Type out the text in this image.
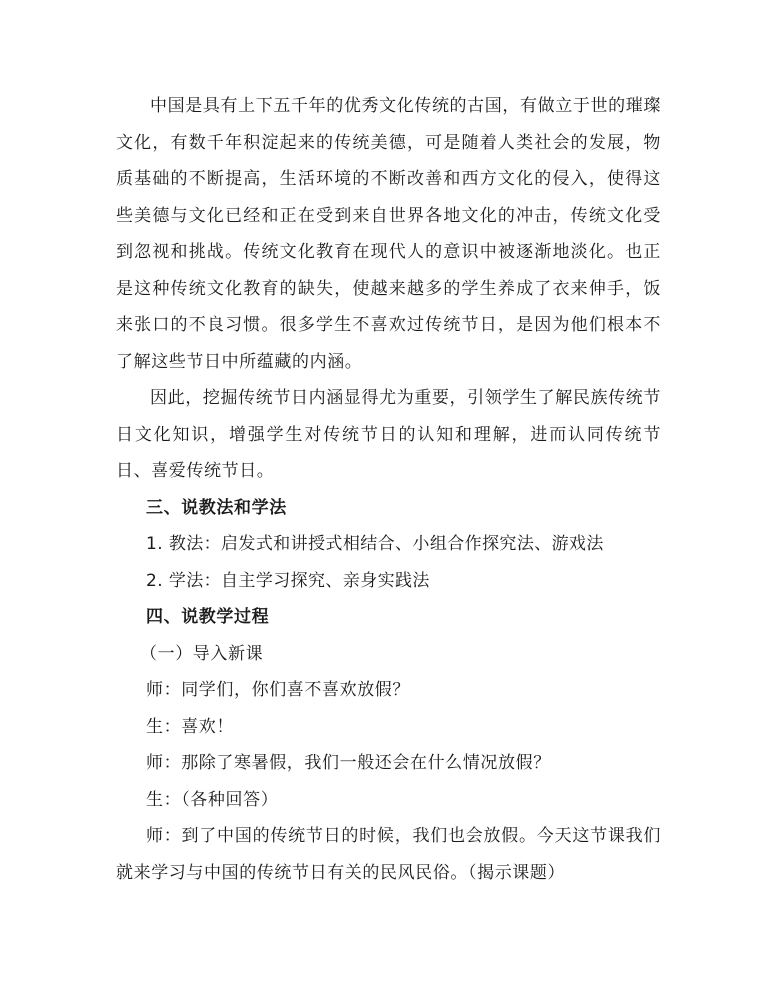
中国是具有上下五千年的优秀文化传统的古国，有做立于世的璀璨文化，有数千年积淀起来的传统美德，可是随着人类社会的发展，物质基础的不断提高，生活环境的不断改善和西方文化的侵入，使得这些美德与文化已经和正在受到来自世界各地文化的冲击，传统文化受到忽视和挑战。传统文化教育在现代人的意识中被逐渐地淡化。也正是这种传统文化教育的缺失，使越来越多的学生养成了衣来伸手，饭来张口的不良习惯。很多学生不喜欢过传统节日，是因为他们根本不了解这些节日中所蕴藏的内涵。

因此，挖掘传统节日内涵显得尤为重要，引领学生了解民族传统节日文化知识，增强学生对传统节日的认知和理解，进而认同传统节日、喜爱传统节日。

三、说教法和学法

1. 教法：启发式和讲授式相结合、小组合作探究法、游戏法

2. 学法：自主学习探究、亲身实践法

四、说教学过程

（一）导入新课

师：同学们，你们喜不喜欢放假？

生：喜欢！

师：那除了寒暑假，我们一般还会在什么情况放假？

生：（各种回答）

师：到了中国的传统节日的时候，我们也会放假。今天这节课我们就来学习与中国的传统节日有关的民风民俗。（揭示课题）
